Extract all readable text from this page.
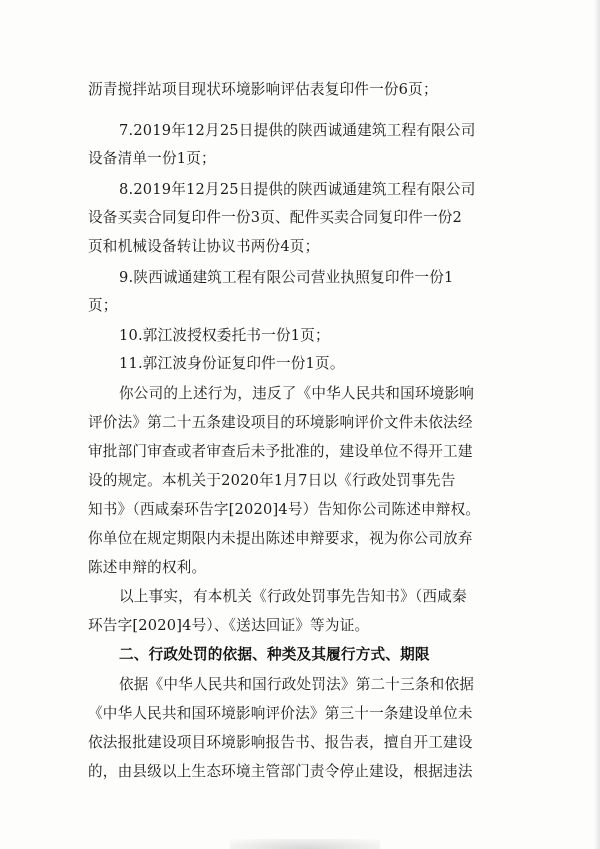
沥青搅拌站项目现状环境影响评估表复印件一份6页；
7.2019年12月25日提供的陕西诚通建筑工程有限公司
设备清单一份1页；
8.2019年12月25日提供的陕西诚通建筑工程有限公司
设备买卖合同复印件一份3页、配件买卖合同复印件一份2
页和机械设备转让协议书两份4页；
9.陕西诚通建筑工程有限公司营业执照复印件一份1
页；
10.郭江波授权委托书一份1页；
11.郭江波身份证复印件一份1页。
你公司的上述行为，违反了《中华人民共和国环境影响
评价法》第二十五条建设项目的环境影响评价文件未依法经
审批部门审查或者审查后未予批准的，建设单位不得开工建
设的规定。本机关于2020年1月7日以《行政处罚事先告
知书》（西咸秦环告字[2020]4号）告知你公司陈述申辩权。
你单位在规定期限内未提出陈述申辩要求，视为你公司放弃
陈述申辩的权利。
以上事实，有本机关《行政处罚事先告知书》（西咸秦
环告字[2020]4号）、《送达回证》等为证。
二、行政处罚的依据、种类及其履行方式、期限
依据《中华人民共和国行政处罚法》第二十三条和依据
《中华人民共和国环境影响评价法》第三十一条建设单位未
依法报批建设项目环境影响报告书、报告表，擅自开工建设
的，由县级以上生态环境主管部门责令停止建设，根据违法
